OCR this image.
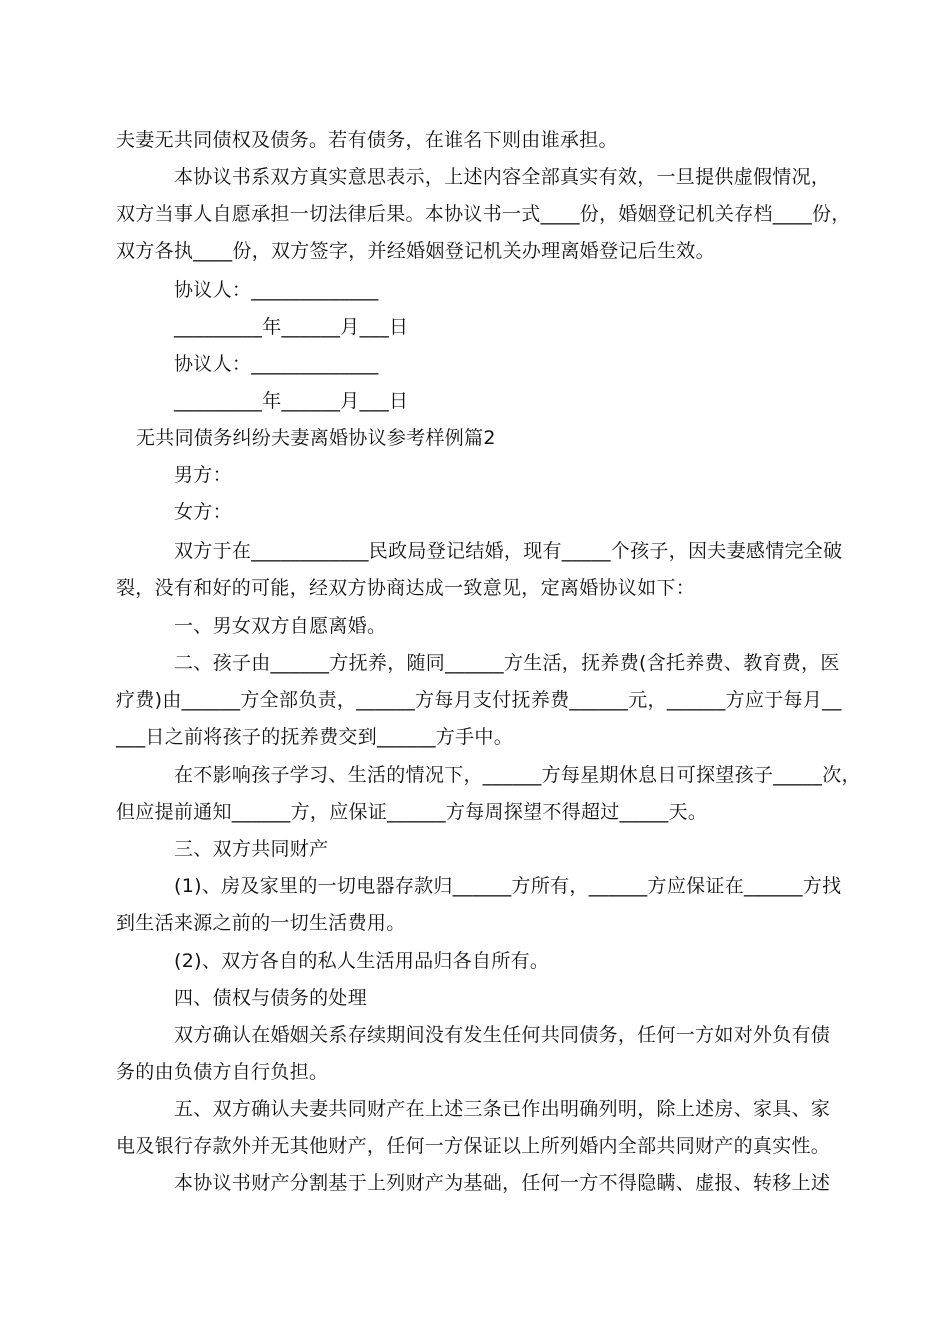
夫妻无共同债权及债务。若有债务，在谁名下则由谁承担。
本协议书系双方真实意思表示，上述内容全部真实有效，一旦提供虚假情况，
双方当事人自愿承担一切法律后果。本协议书一式____份，婚姻登记机关存档____份，
双方各执____份，双方签字，并经婚姻登记机关办理离婚登记后生效。
协议人：_____________
_________年______月___日
协议人：_____________
_________年______月___日
无共同债务纠纷夫妻离婚协议参考样例篇2
男方：
女方：
双方于在____________民政局登记结婚，现有_____个孩子，因夫妻感情完全破
裂，没有和好的可能，经双方协商达成一致意见，定离婚协议如下：
一、男女双方自愿离婚。
二、孩子由______方抚养，随同______方生活，抚养费(含托养费、教育费，医
疗费)由______方全部负责，______方每月支付抚养费______元，______方应于每月__
___日之前将孩子的抚养费交到______方手中。
在不影响孩子学习、生活的情况下，______方每星期休息日可探望孩子_____次，
但应提前通知______方，应保证______方每周探望不得超过_____天。
三、双方共同财产
(1)、房及家里的一切电器存款归______方所有，______方应保证在______方找
到生活来源之前的一切生活费用。
(2)、双方各自的私人生活用品归各自所有。
四、债权与债务的处理
双方确认在婚姻关系存续期间没有发生任何共同债务，任何一方如对外负有债
务的由负债方自行负担。
五、双方确认夫妻共同财产在上述三条已作出明确列明，除上述房、家具、家
电及银行存款外并无其他财产，任何一方保证以上所列婚内全部共同财产的真实性。
本协议书财产分割基于上列财产为基础，任何一方不得隐瞒、虚报、转移上述
